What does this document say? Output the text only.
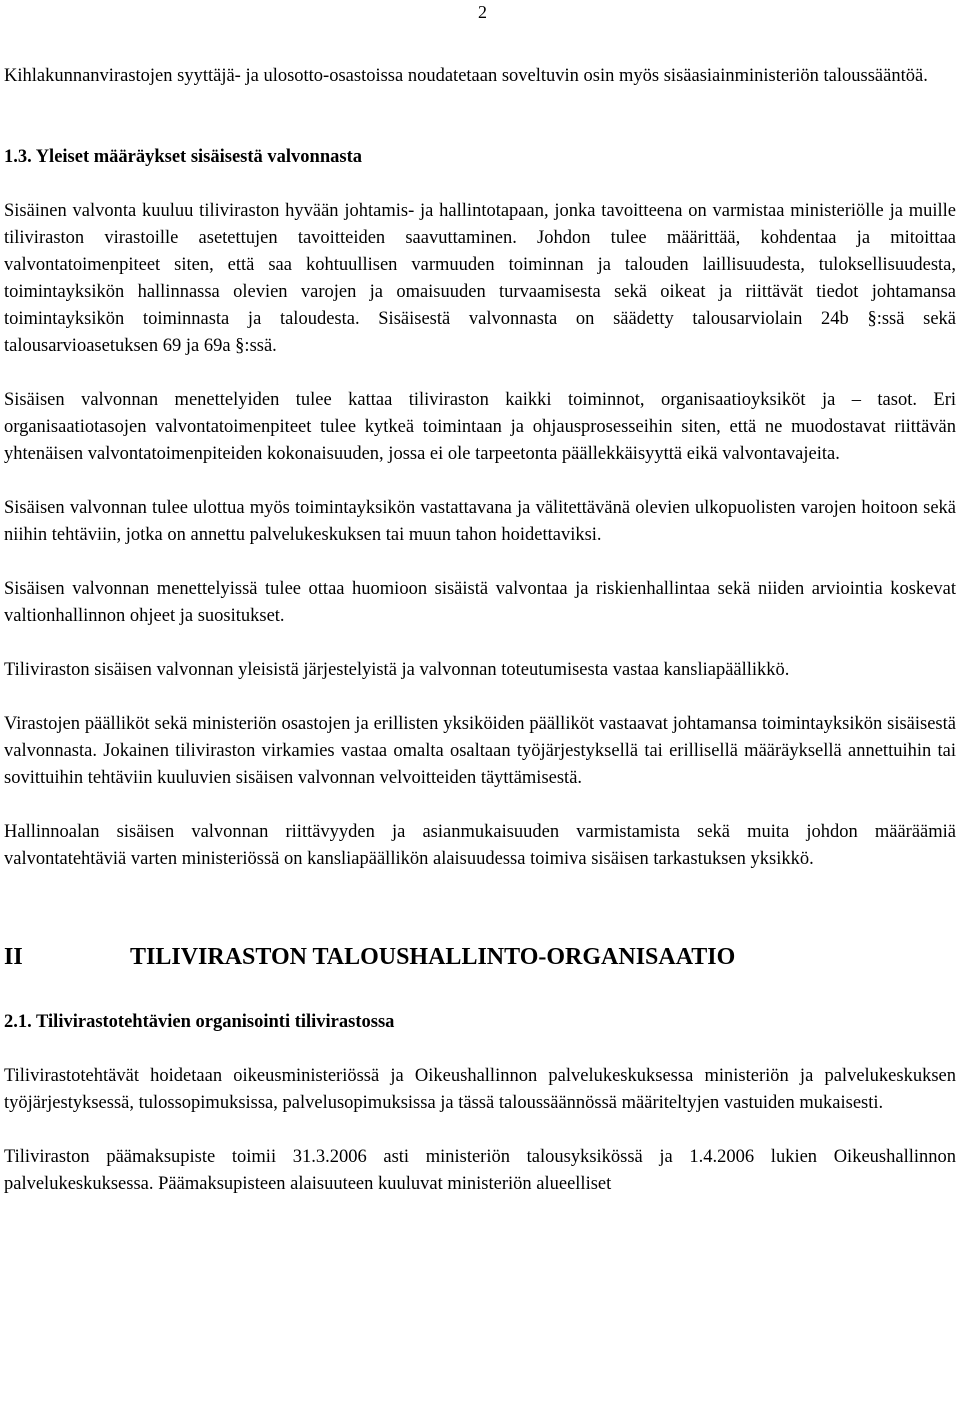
2

Kihlakunnanvirastojen syyttäjä- ja ulosotto-osastoissa noudatetaan soveltuvin osin myös sisäasiainministeriön taloussääntöä.

1.3. Yleiset määräykset sisäisestä valvonnasta

Sisäinen valvonta kuuluu tiliviraston hyvään johtamis- ja hallintotapaan, jonka tavoitteena on varmistaa ministeriölle ja muille tiliviraston virastoille asetettujen tavoitteiden saavuttaminen. Johdon tulee määrittää, kohdentaa ja mitoittaa valvontatoimenpiteet siten, että saa kohtuullisen varmuuden toiminnan ja talouden laillisuudesta, tuloksellisuudesta, toimintayksikön hallinnassa olevien varojen ja omaisuuden turvaamisesta sekä oikeat ja riittävät tiedot johtamansa toimintayksikön toiminnasta ja taloudesta. Sisäisestä valvonnasta on säädetty talousarviolain 24b §:ssä sekä talousarvioasetuksen 69 ja 69a §:ssä.

Sisäisen valvonnan menettelyiden tulee kattaa tiliviraston kaikki toiminnot, organisaatioyksiköt ja – tasot. Eri organisaatiotasojen valvontatoimenpiteet tulee kytkeä toimintaan ja ohjausprosesseihin siten, että ne muodostavat riittävän yhtenäisen valvontatoimenpiteiden kokonaisuuden, jossa ei ole tarpeetonta päällekkäisyyttä eikä valvontavajeita.

Sisäisen valvonnan tulee ulottua myös toimintayksikön vastattavana ja välitettävänä olevien ulkopuolisten varojen hoitoon sekä niihin tehtäviin, jotka on annettu palvelukeskuksen tai muun tahon hoidettaviksi.

Sisäisen valvonnan menettelyissä tulee ottaa huomioon sisäistä valvontaa ja riskienhallintaa sekä niiden arviointia koskevat valtionhallinnon ohjeet ja suositukset.

Tiliviraston sisäisen valvonnan yleisistä järjestelyistä ja valvonnan toteutumisesta vastaa kansliapäällikkö.

Virastojen päälliköt sekä ministeriön osastojen ja erillisten yksiköiden päälliköt vastaavat johtamansa toimintayksikön sisäisestä valvonnasta. Jokainen tiliviraston virkamies vastaa omalta osaltaan työjärjestyksellä tai erillisellä määräyksellä annettuihin tai sovittuihin tehtäviin kuuluvien sisäisen valvonnan velvoitteiden täyttämisestä.

Hallinnoalan sisäisen valvonnan riittävyyden ja asianmukaisuuden varmistamista sekä muita johdon määräämiä valvontatehtäviä varten ministeriössä on kansliapäällikön alaisuudessa toimiva sisäisen tarkastuksen yksikkö.

II	TILIVIRASTON TALOUSHALLINTO-ORGANISAATIO
2.1. Tilivirastotehtävien organisointi tilivirastossa

Tilivirastotehtävät hoidetaan oikeusministeriössä ja Oikeushallinnon palvelukeskuksessa ministeriön ja palvelukeskuksen työjärjestyksessä, tulossopimuksissa, palvelusopimuksissa ja tässä taloussäännössä määriteltyjen vastuiden mukaisesti.

Tiliviraston päämaksupiste toimii 31.3.2006 asti ministeriön talousyksikössä ja 1.4.2006 lukien Oikeushallinnon palvelukeskuksessa. Päämaksupisteen alaisuuteen kuuluvat ministeriön alueelliset
